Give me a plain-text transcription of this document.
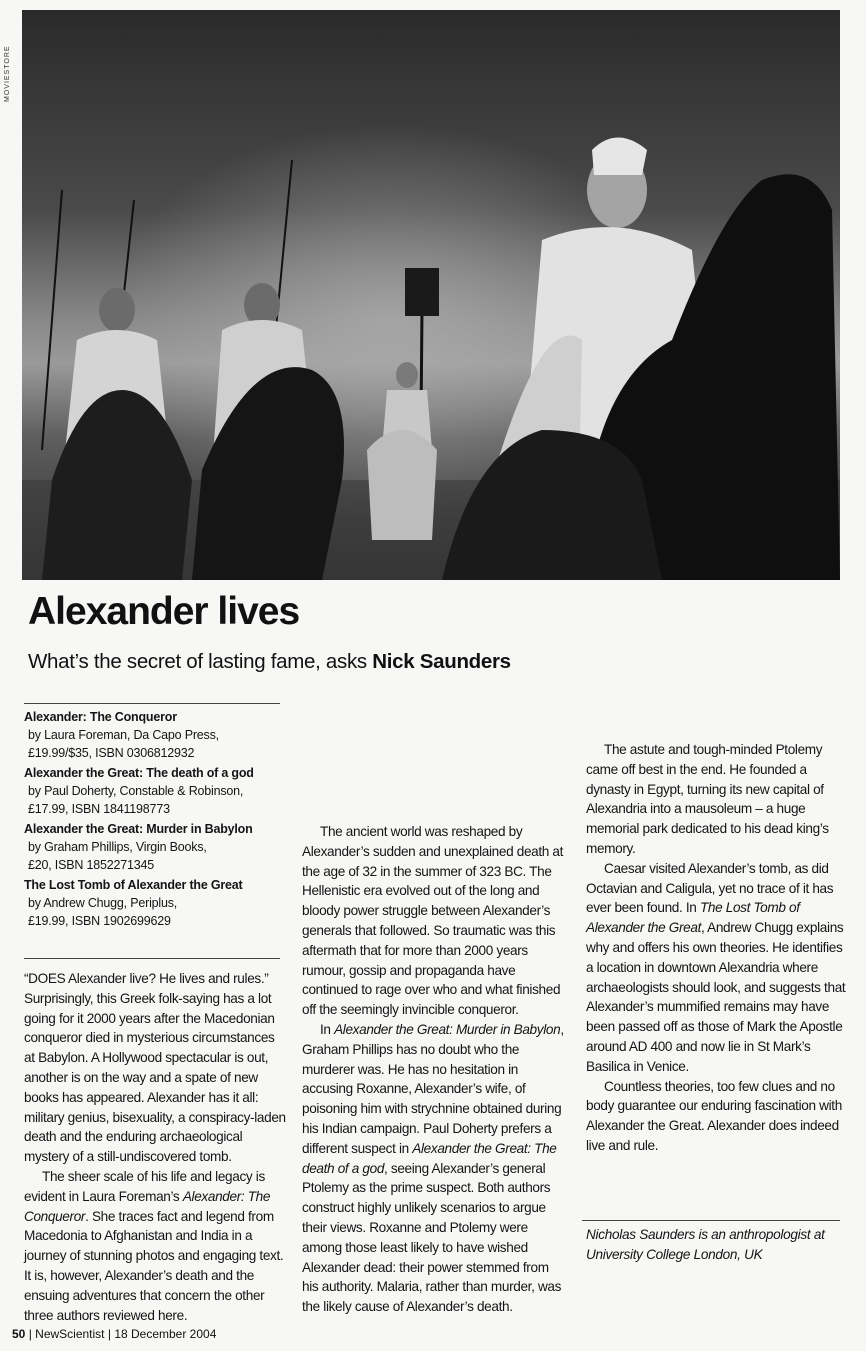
MOVIESTORE
Alexander lives
What’s the secret of lasting fame, asks Nick Saunders
Alexander: The Conqueror
by Laura Foreman, Da Capo Press,
£19.99/$35, ISBN 0306812932
Alexander the Great: The death of a god
by Paul Doherty, Constable & Robinson,
£17.99, ISBN 1841198773
Alexander the Great: Murder in Babylon
by Graham Phillips, Virgin Books,
£20, ISBN 1852271345
The Lost Tomb of Alexander the Great
by Andrew Chugg, Periplus,
£19.99, ISBN 1902699629

“DOES Alexander live? He lives and rules.” Surprisingly, this Greek folk-saying has a lot going for it 2000 years after the Macedonian conqueror died in mysterious circumstances at Babylon. A Hollywood spectacular is out, another is on the way and a spate of new books has appeared. Alexander has it all: military genius, bisexuality, a conspiracy-laden death and the enduring archaeological mystery of a still-undiscovered tomb.

The sheer scale of his life and legacy is evident in Laura Foreman’s Alexander: The Conqueror. She traces fact and legend from Macedonia to Afghanistan and India in a journey of stunning photos and engaging text. It is, however, Alexander’s death and the ensuing adventures that concern the other three authors reviewed here.

The ancient world was reshaped by Alexander’s sudden and unexplained death at the age of 32 in the summer of 323 BC. The Hellenistic era evolved out of the long and bloody power struggle between Alexander’s generals that followed. So traumatic was this aftermath that for more than 2000 years rumour, gossip and propaganda have continued to rage over who and what finished off the seemingly invincible conqueror.

In Alexander the Great: Murder in Babylon, Graham Phillips has no doubt who the murderer was. He has no hesitation in accusing Roxanne, Alexander’s wife, of poisoning him with strychnine obtained during his Indian campaign. Paul Doherty prefers a different suspect in Alexander the Great: The death of a god, seeing Alexander’s general Ptolemy as the prime suspect. Both authors construct highly unlikely scenarios to argue their views. Roxanne and Ptolemy were among those least likely to have wished Alexander dead: their power stemmed from his authority. Malaria, rather than murder, was the likely cause of Alexander’s death.

The astute and tough-minded Ptolemy came off best in the end. He founded a dynasty in Egypt, turning its new capital of Alexandria into a mausoleum – a huge memorial park dedicated to his dead king’s memory.

Caesar visited Alexander’s tomb, as did Octavian and Caligula, yet no trace of it has ever been found. In The Lost Tomb of Alexander the Great, Andrew Chugg explains why and offers his own theories. He identifies a location in downtown Alexandria where archaeologists should look, and suggests that Alexander’s mummified remains may have been passed off as those of Mark the Apostle around AD 400 and now lie in St Mark’s Basilica in Venice.

Countless theories, too few clues and no body guarantee our enduring fascination with Alexander the Great. Alexander does indeed live and rule.

Nicholas Saunders is an anthropologist at University College London, UK
50 | NewScientist | 18 December 2004
